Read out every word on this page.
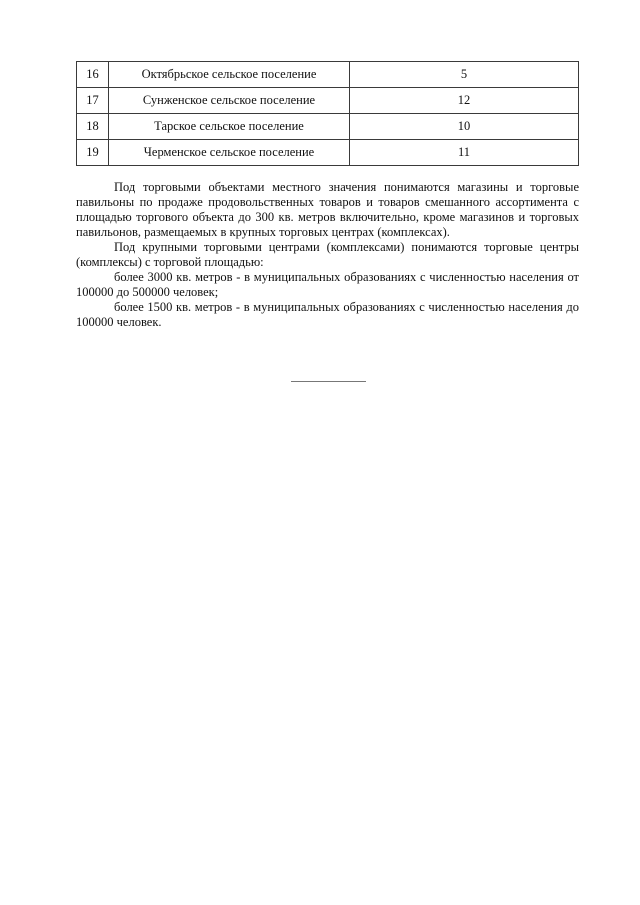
16	Октябрьское сельское поселение	5
17	Сунженское сельское поселение	12
18	Тарское сельское поселение	10
19	Черменское сельское поселение	11

Под торговыми объектами местного значения понимаются магазины и торговые павильоны по продаже продовольственных товаров и товаров смешанного ассортимента с площадью торгового объекта до 300 кв. метров включительно, кроме магазинов и торговых павильонов, размещаемых в крупных торговых центрах (комплексах).

Под крупными торговыми центрами (комплексами) понимаются торговые центры (комплексы) с торговой площадью:

более 3000 кв. метров - в муниципальных образованиях с численностью населения от 100000 до 500000 человек;

более 1500 кв. метров - в муниципальных образованиях с численностью населения до 100000 человек.
